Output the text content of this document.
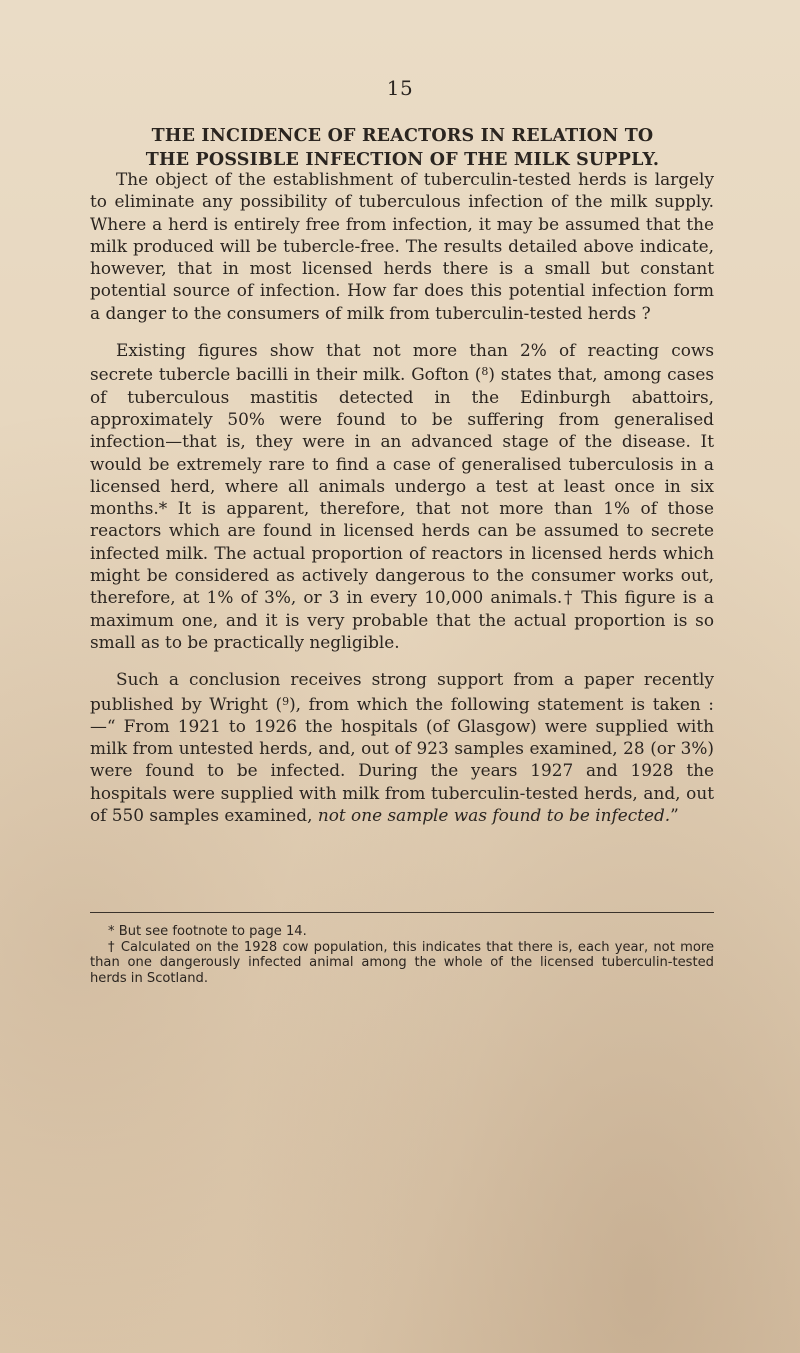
15
THE INCIDENCE OF REACTORS IN RELATION TO
THE POSSIBLE INFECTION OF THE MILK SUPPLY.

The object of the establishment of tuberculin-tested herds is largely to eliminate any possibility of tuberculous infection of the milk supply. Where a herd is entirely free from infection, it may be assumed that the milk produced will be tubercle-free. The results detailed above indicate, however, that in most licensed herds there is a small but constant potential source of infection. How far does this potential infection form a danger to the consumers of milk from tuberculin-tested herds ?

Existing figures show that not more than 2% of reacting cows secrete tubercle bacilli in their milk. Gofton ($^8$) states that, among cases of tuberculous mastitis detected in the Edinburgh abattoirs, approximately 50% were found to be suffering from generalised infection—that is, they were in an advanced stage of the disease. It would be extremely rare to find a case of generalised tuberculosis in a licensed herd, where all animals undergo a test at least once in six months.* It is apparent, therefore, that not more than 1% of those reactors which are found in licensed herds can be assumed to secrete infected milk. The actual proportion of reactors in licensed herds which might be considered as actively dangerous to the consumer works out, therefore, at 1% of 3%, or 3 in every 10,000 animals.† This figure is a maximum one, and it is very probable that the actual proportion is so small as to be practically negligible.

Such a conclusion receives strong support from a paper recently published by Wright ($^9$), from which the following statement is taken :—“ From 1921 to 1926 the hospitals (of Glasgow) were supplied with milk from untested herds, and, out of 923 samples examined, 28 (or 3%) were found to be infected. During the years 1927 and 1928 the hospitals were supplied with milk from tuberculin-tested herds, and, out of 550 samples examined, not one sample was found to be infected.”

* But see footnote to page 14.

† Calculated on the 1928 cow population, this indicates that there is, each year, not more than one dangerously infected animal among the whole of the licensed tuberculin-tested herds in Scotland.
